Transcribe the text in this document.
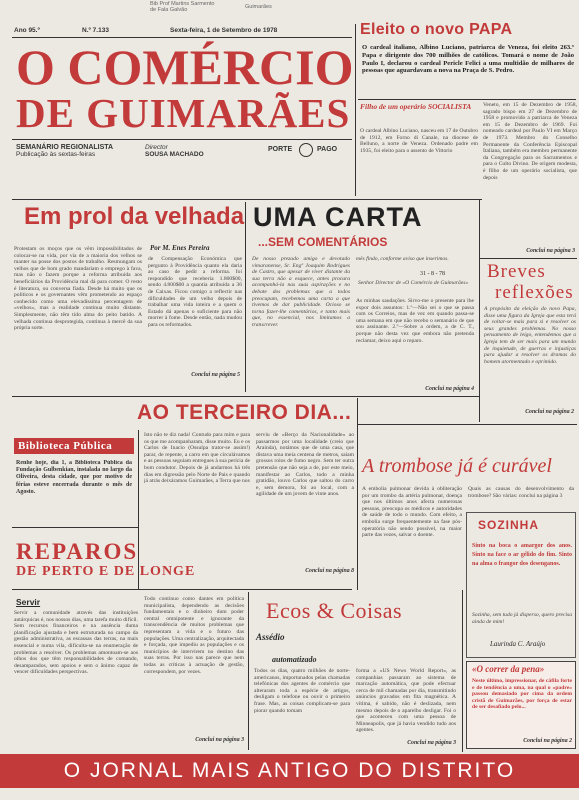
Bib Prof Martins Sarmento
de Fala Galvão	Guimarães
Ano 95.º	N.º 7.133	Sexta-feira, 1 de Setembro de 1978
O COMÉRCIO
DE GUIMARÃES
SEMANÁRIO REGIONALISTA
Publicação às sextas-feiras
Director
SOUSA MACHADO
PORTE	PAGO
Eleito o novo PAPA
O cardeal italiano, Albino Luciano, patriarca de Veneza, foi eleito 263.º Papa e dirigente dos 700 milhões de católicos. Tomará o nome de João Paulo I, declarou o cardeal Pericle Felici a uma multidão de milhares de pessoas que aguardavam a nova na Praça de S. Pedro.
Filho de um operário SOCIALISTA
O cardeal Albino Luciano, nasceu em 17 de Outubro de 1912, em Forno di Canale, na diocese de Belluno, a norte de Veneza. Ordenado padre em 1935, foi eleito para o assento de Vittorio
Veneto, em 15 de Dezembro de 1958, sagrado bispo em 27 de Dezembro de 1958 e promovido a patriarca de Veneza em 15 de Dezembro de 1969. Foi nomeado cardeal por Paulo VI em Março de 1973. Membro do Conselho Permanente da Conferência Episcopal Italiana, também era membro permanente da Congregação para os Sacramentos e para o Culto Divino. De origem modesta, é filho de um operário socialista, que depois
Conclui na página 3
Em prol da velhada
Por M. Enes Pereira
Protestam os moços que os vêm impossibilitados de colocar-se na vida, por via de a maioria dos velhos se manter na posse dos postos de trabalho. Resmungam os velhos que de bom grado mandariam o emprego à fava, mas não o fazem porque a reforma atribuída aos beneficiários da Providência mal dá para comer. O resto é literatura, ou conversa fiada. Desde há muito que os políticos e os governantes vêm prometendo ao espaço conhecido como uma elevadíssima percentagem de «velhos», mas a realidade continua muito distante. Simplesmente, não têm tido alma do peito batido. A velhada continua desprotegida, continua à mercê da sua própria sorte.
de Compensação Económica que pergunto à Providência quanto ela daria ao caso de pedir a reforma. foi respondido que receberia 1.800$00, sendo 4.800$00 a quantia atribuída a 36 de Caixas. Ficou comigo a reflectir nas dificuldades de um velho depois de trabalhar uma vida inteira e a quem o Estado dá apenas o suficiente para não morrer à fome. Desde então, nada mudou para os reformados.
Conclui na página 5
UMA CARTA
...SEM COMENTÁRIOS
De nosso prezado amigo e devotado vimaranense, Sr. Engº Joaquim Rodrigues de Castro, que apesar de viver distante da sua terra não a esquece, antes procura acompanhá-la nas suas aspirações e no debate dos problemas que a todos preocupam, recebemos uma carta a que tivemos de dar publicidade. Ocioso se torna fazer-lhe comentários, e tanto mais que, no essencial, nos limitamos a transcrever.
mês findo, conforme aviso que inserimos.
31 - 8 - 78
Senhor Director de «O Comércio de Guimarães»
As minhas saudações. Sirvo-me o presente para lhe expor dois assuntos: 1.º—Não sei o que se passa com os Correios, mas de vez em quando passa-se uma semana em que não recebo o semanário de que sou assinante. 2.º—Sobre a ordem, a de C. T., porque não desta vez que embora não pretenda reclamar, deixo aqui o reparo.
Conclui na página 4
Breves
reflexões
A propósito da eleição do novo Papa, disse uma figura da Igreja que esta terá de voltar-se mais para si e resolver os seus grandes problemas. No nosso pensamento de leigo, entendemos que a Igreja tem de ser mais para um mundo de inquietude, de guerras e injustiças para ajudar a resolver os dramas do homem atormentado e oprimido.
Conclui na página 2
AO TERCEIRO DIA...
Isto não te diz nada! Contudo para mim e para os que me acompanharam, disse muito. Eu e os Carlos de Inacio (Ossulpa trator-se assim!) parar, de repente, a carro em que circulávamos e as pessoas seguiam entregues à sua perícia de bom condutor. Depois de já andarmos há três dias em digressão pelo Norte de Pais e quando já atrás deixáramos Guimarães, a Terra que nos
serviu de «Berço da Nacionalidade» ao passarmos por uma localidade (creio que Arainda), notámos que de uma casa, que distava uma meia centena de metros, saíam grossos rolos de fumo negro. Sem ter outra pretensão que não seja a de, por este meio, manifestar ao Carlos, todo a minha gratidão, louvo Carlos que saltou do carro e, sem demora, foi ao local, com a agilidade de um jovem de vinte anos.
Conclui na página 8
Biblioteca Pública
Renhe hoje, dia 1, a Biblioteca Pública da Fundação Gulbenkian, instalada no largo da Oliveira, desta cidade, que por motivo de férias esteve encerrada durante o mês de Agosto.
REPAROS
DE PERTO E DE LONGE
Servir
Servir a comunidade através das instituições autárquicas é, nos nossos dias, uma tarefa muito difícil. Sem recursos financeiros e na ausência duma planificação ajustada e bem estruturada no campo da gestão administrativa, as escassas das terras, na mais essencial e numa vila, dificulta-se na enumeração de problemas a resolver. Os problemas amontoam-se aos olhos dos que têm responsabilidades de comando, desamparados, sem apoios e sem o ânimo capaz de vencer dificuldades perspectivas.
Todo continuo como dantes em política municipalista, dependendo as decisões fundamentais e o dinheiro dum poder central omnipotente e ignorante da transcendência de muitos problemas que representam a vida e o futuro das populações. Uma centralização, arquitectada e forçada, que impediu as populações e os municípios de intervirem no destino das suas terras. Por isso nas parece que nem todas as críticas à actuação de gestão, correspondem, por vezes.
Conclui na página 3
Ecos & Coisas
Assédio
automatizado
Todos os dias, quatro milhões de norte-americanos, importunados pelas chamadas telefónicas dos agentes de comércio que alteraram toda a espécie de artigos, desligam o telefone ou ouvir o primeiro frase. Mas, as coisas complicam-se para piorar quando tomam
forma a «US News World Report», as companhias passaram ao sistema de marcação automática, que pode efectuar cerca de mil chamadas por dia, transmitindo anúncios gravados em fita magnética. A vítima, é sabido, não é deslizada, nem mesmo depois de o aparelho desligar. Foi o que aconteceu com uma pessoa de Minneapolis, que já havia vendido tudo aos agentes.
Conclui na página 3
A trombose já é curável
A embolia pulmonar devida à obliteração por um trombo da artéria pulmonar, doença que nos últimos anos afecta numerosas pessoas, preocupa os médicos e autoridades de saúde de todo o mundo. Com efeito, a embolia surge frequentemente na fase pós-operatória não sendo possível, na maior parte das vezes, salvar o doente.
Quais as causas do desenvolvimento da trombose? São várias: conclui na página 3
SOZINHA
Sinto na boca o amargor dos anos. Sinto na face o ar gélido do fim. Sinto na alma o frangor dos desenganos.
Sozinha, sem tudo já disperso, quero precisa ainda de mim!
Laurinda C. Araújo
«O correr da pena»
Neste último, impressionar, de cáfila forte e de tendência a uma, na qual o «padre» passou demasiado por cima da ordem cristã de Guimarães, por força de estar de ser desafiado pelo...
Conclui na página 2
O JORNAL MAIS ANTIGO DO DISTRITO
